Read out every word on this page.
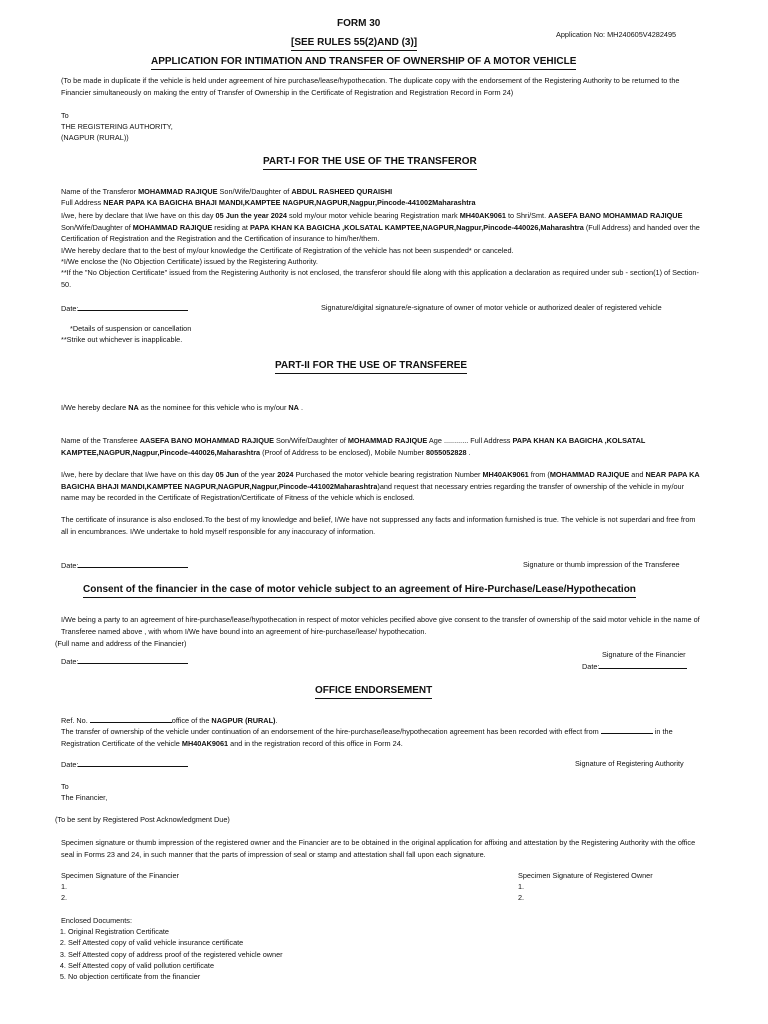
FORM 30
[SEE RULES 55(2)AND (3)]
Application No: MH240605V4282495
APPLICATION FOR INTIMATION AND TRANSFER OF OWNERSHIP OF A MOTOR VEHICLE
(To be made in duplicate if the vehicle is held under agreement of hire purchase/lease/hypothecation. The duplicate copy with the endorsement of the Registering Authority to be returned to the Financier simultaneously on making the entry of Transfer of Ownership in the Certificate of Registration and Registration Record in Form 24)
To
THE REGISTERING AUTHORITY,
(NAGPUR (RURAL))
PART-I FOR THE USE OF THE TRANSFEROR
Name of the Transferor MOHAMMAD RAJIQUE Son/Wife/Daughter of ABDUL RASHEED QURAISHI
Full Address NEAR PAPA KA BAGICHA BHAJI MANDI,KAMPTEE NAGPUR,NAGPUR,Nagpur,Pincode-441002Maharashtra
I/we, here by declare that I/we have on this day 05 Jun the year 2024 sold my/our motor vehicle bearing Registration mark MH40AK9061 to Shri/Smt. AASEFA BANO MOHAMMAD RAJIQUE Son/Wife/Daughter of MOHAMMAD RAJIQUE residing at PAPA KHAN KA BAGICHA ,KOLSATAL KAMPTEE,NAGPUR,Nagpur,Pincode-440026,Maharashtra (Full Address) and handed over the Certification of Registration and the Registration and the Certification of insurance to him/her/them.
I/We hereby declare that to the best of my/our knowledge the Certificate of Registration of the vehicle has not been suspended* or canceled.
*I/We enclose the (No Objection Certificate) issued by the Registering Authority.
**If the "No Objection Certificate" issued from the Registering Authority is not enclosed, the transferor should file along with this application a declaration as required under sub - section(1) of Section-50.
Date:	Signature/digital signature/e-signature of owner of motor vehicle or authorized dealer of registered vehicle
*Details of suspension or cancellation
**Strike out whichever is inapplicable.
PART-II FOR THE USE OF TRANSFEREE
I/We hereby declare NA as the nominee for this vehicle who is my/our NA .
Name of the Transferee AASEFA BANO MOHAMMAD RAJIQUE Son/Wife/Daughter of MOHAMMAD RAJIQUE Age ............ Full Address PAPA KHAN KA BAGICHA ,KOLSATAL KAMPTEE,NAGPUR,Nagpur,Pincode-440026,Maharashtra (Proof of Address to be enclosed), Mobile Number 8055052828 .
I/we, here by declare that I/we have on this day 05 Jun of the year 2024 Purchased the motor vehicle bearing registration Number MH40AK9061 from (MOHAMMAD RAJIQUE and NEAR PAPA KA BAGICHA BHAJI MANDI,KAMPTEE NAGPUR,NAGPUR,Nagpur,Pincode-441002Maharashtra)and request that necessary entries regarding the transfer of ownership of the vehicle in my/our name may be recorded in the Certificate of Registration/Certificate of Fitness of the vehicle which is enclosed.
The certificate of insurance is also enclosed.To the best of my knowledge and belief, I/We have not suppressed any facts and information furnished is true. The vehicle is not superdari and free from all in encumbrances. I/We undertake to hold myself responsible for any inaccuracy of information.
Date:	Signature or thumb impression of the Transferee
Consent of the financier in the case of motor vehicle subject to an agreement of Hire-Purchase/Lease/Hypothecation
I/We being a party to an agreement of hire-purchase/lease/hypothecation in respect of motor vehicles pecified above give consent to the transfer of ownership of the said motor vehicle in the name of Transferee named above , with whom I/We have bound into an agreement of hire-purchase/lease/ hypothecation.
(Full name and address of the Financier)
Date:
Signature of the Financier
Date:
OFFICE ENDORSEMENT
Ref. No.	office of the NAGPUR (RURAL).
The transfer of ownership of the vehicle under continuation of an endorsement of the hire-purchase/lease/hypothecation agreement has been recorded with effect from	in the Registration Certificate of the vehicle MH40AK9061 and in the registration record of this office in Form 24.
Date:	Signature of Registering Authority
To
The Financier,
(To be sent by Registered Post Acknowledgment Due)
Specimen signature or thumb impression of the registered owner and the Financier are to be obtained in the original application for affixing and attestation by the Registering Authority with the office seal in Forms 23 and 24, in such manner that the parts of impression of seal or stamp and attestation shall fall upon each signature.
Specimen Signature of the Financier
1.
2.
Specimen Signature of Registered Owner
1.
2.
Enclosed Documents:
1. Original Registration Certificate
2. Self Attested copy of valid vehicle insurance certificate
3. Self Attested copy of address proof of the registered vehicle owner
4. Self Attested copy of valid pollution certificate
5. No objection certificate from the financier
